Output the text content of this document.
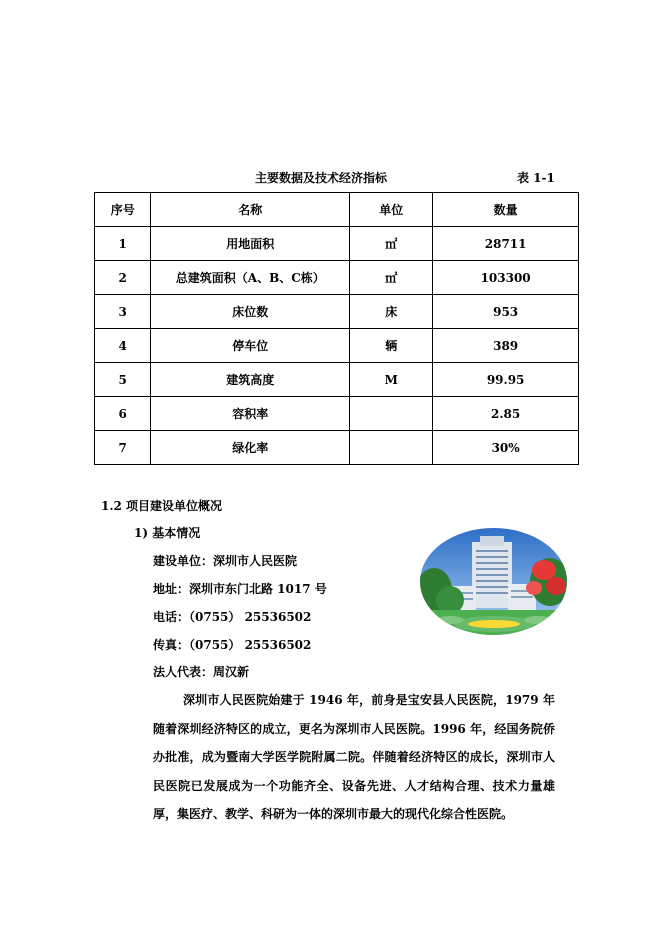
主要数据及技术经济指标	表 1-1
序号	名称	单位	数量
1	用地面积	㎡	28711
2	总建筑面积（A、B、C栋）	㎡	103300
3	床位数	床	953
4	停车位	辆	389
5	建筑高度	M	99.95
6	容积率		2.85
7	绿化率		30%
1.2 项目建设单位概况
1) 基本情况
建设单位：深圳市人民医院
地址：深圳市东门北路 1017 号
电话：（0755） 25536502
传真：（0755） 25536502
法人代表：周汉新
深圳市人民医院始建于 1946 年，前身是宝安县人民医院，1979 年随着深圳经济特区的成立，更名为深圳市人民医院。1996 年，经国务院侨办批准，成为暨南大学医学院附属二院。伴随着经济特区的成长，深圳市人民医院已发展成为一个功能齐全、设备先进、人才结构合理、技术力量雄厚，集医疗、教学、科研为一体的深圳市最大的现代化综合性医院。
